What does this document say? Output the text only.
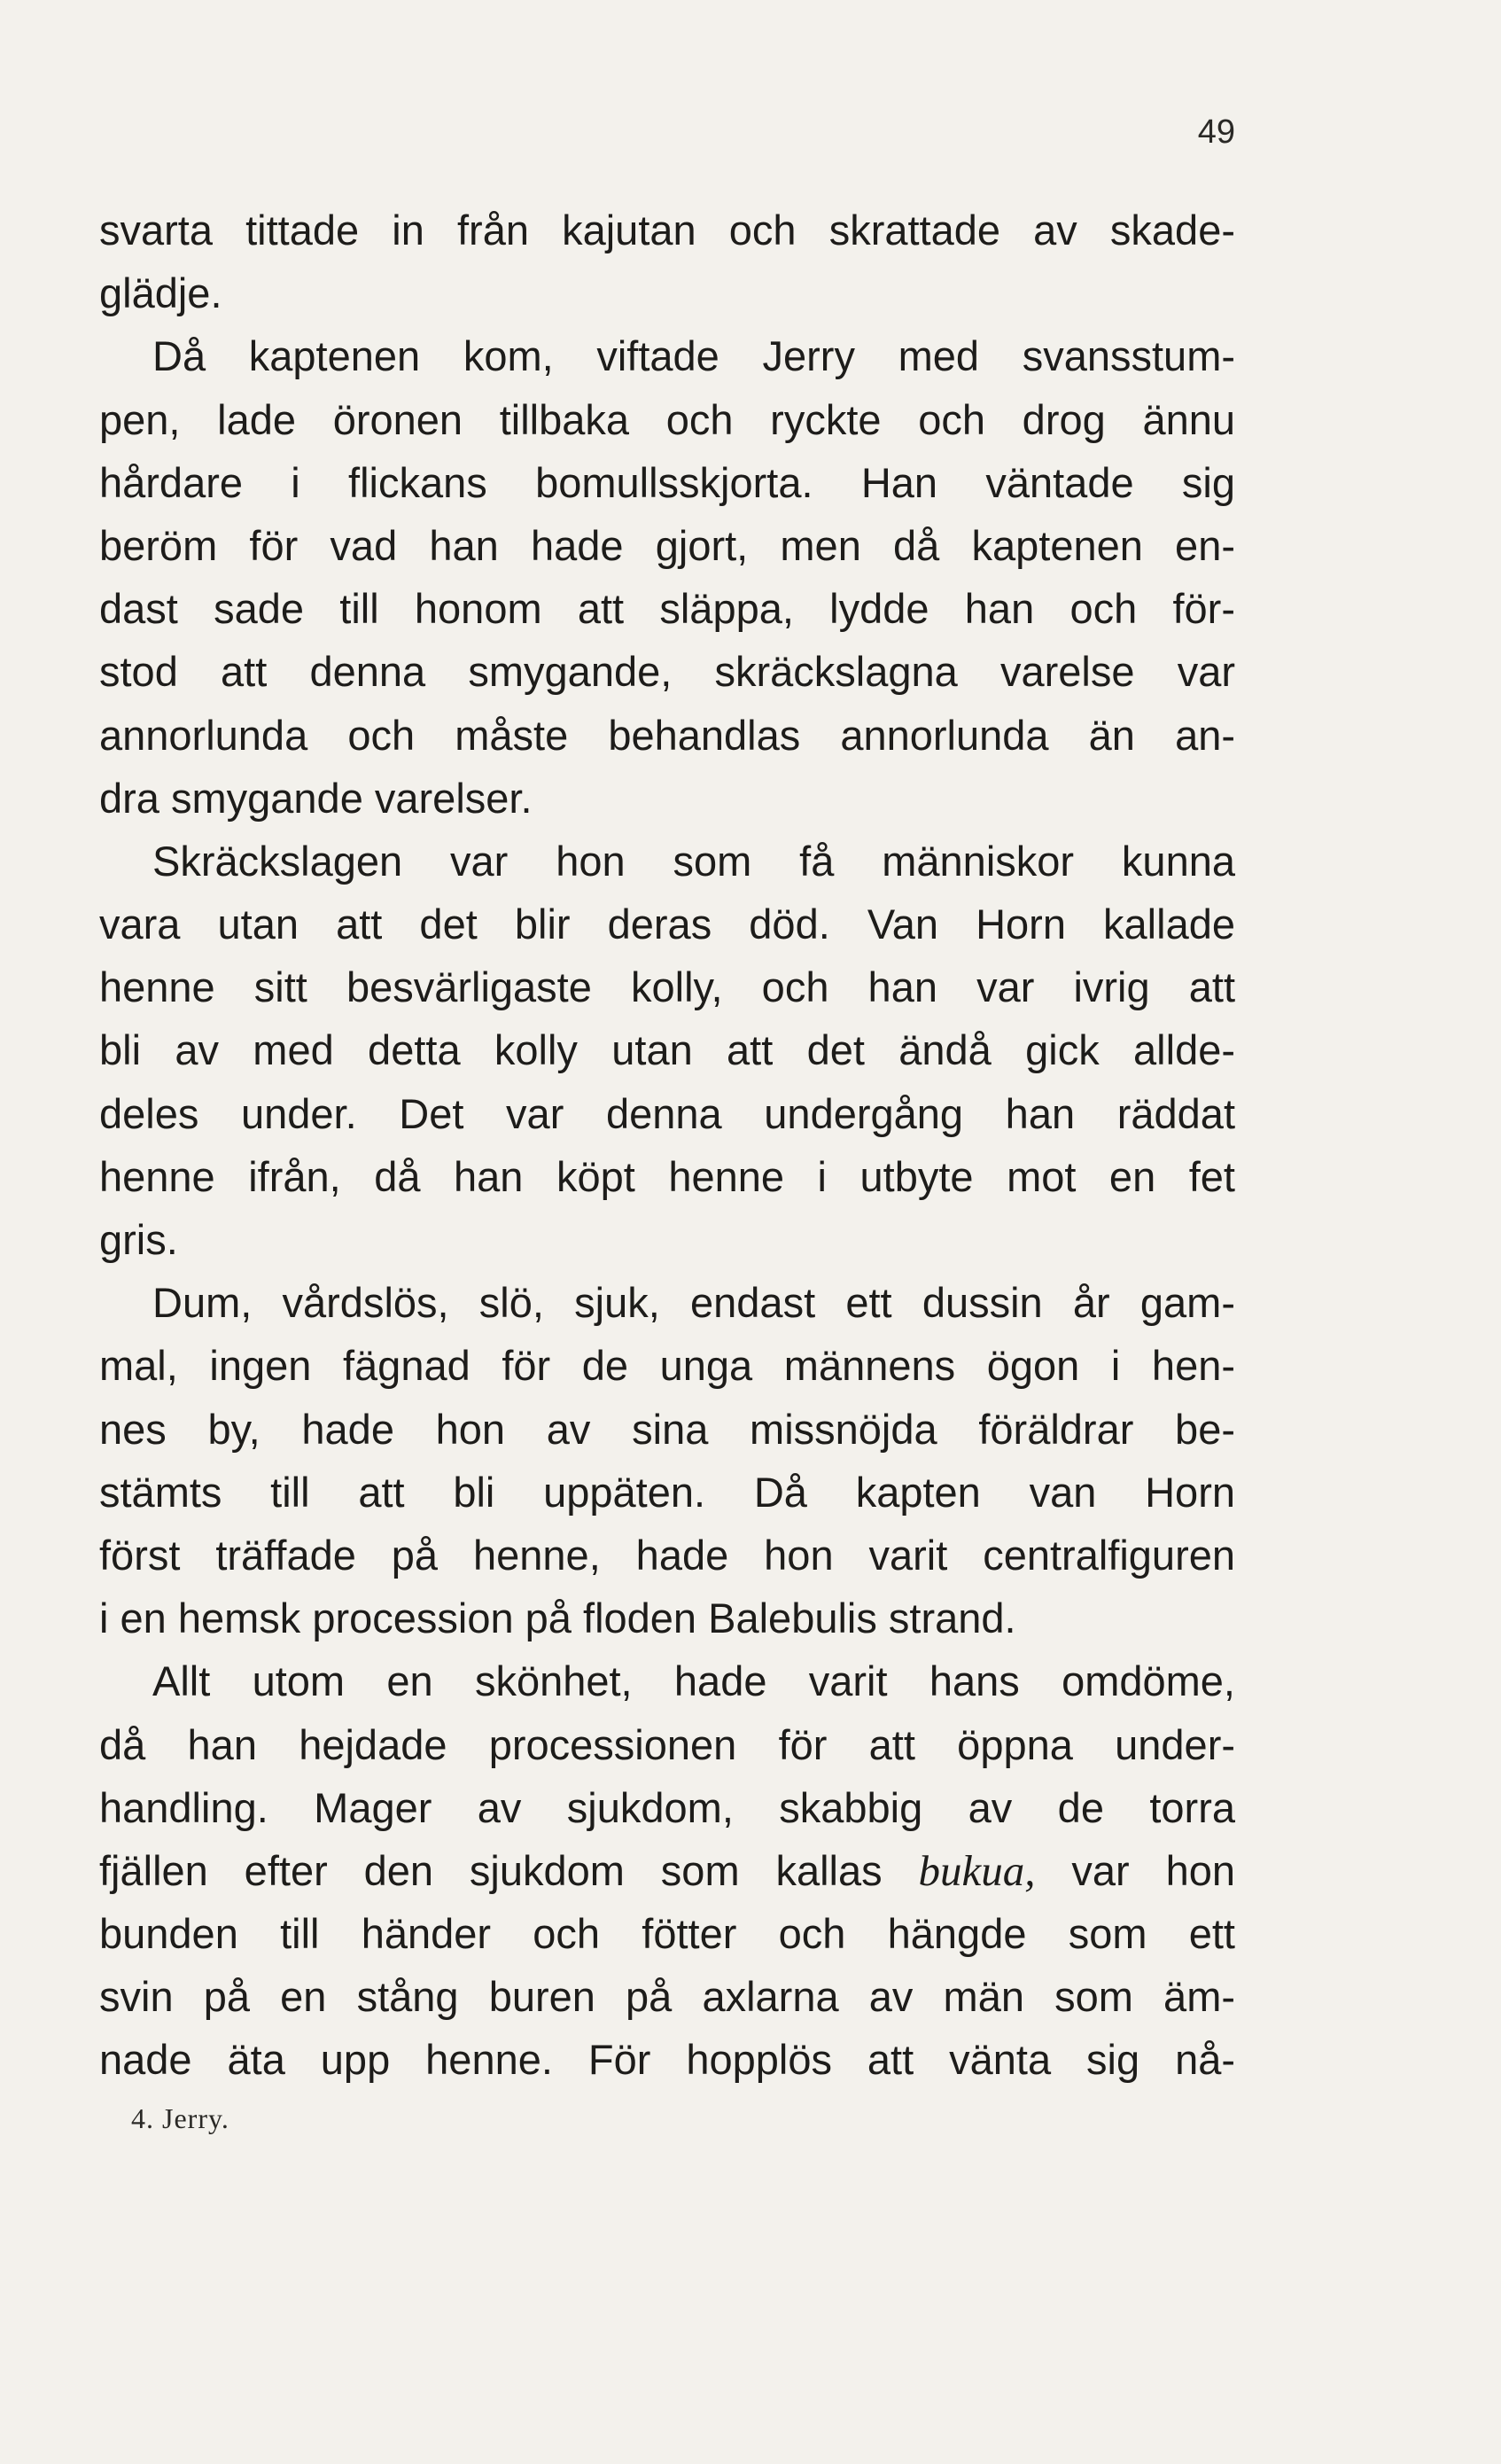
49
svarta tittade in från kajutan och skrattade av skade-
glädje.
Då kaptenen kom, viftade Jerry med svansstum-
pen, lade öronen tillbaka och ryckte och drog ännu
hårdare i flickans bomullsskjorta. Han väntade sig
beröm för vad han hade gjort, men då kaptenen en-
dast sade till honom att släppa, lydde han och för-
stod att denna smygande, skräckslagna varelse var
annorlunda och måste behandlas annorlunda än an-
dra smygande varelser.
Skräckslagen var hon som få människor kunna
vara utan att det blir deras död. Van Horn kallade
henne sitt besvärligaste kolly, och han var ivrig att
bli av med detta kolly utan att det ändå gick allde-
deles under. Det var denna undergång han räddat
henne ifrån, då han köpt henne i utbyte mot en fet
gris.
Dum, vårdslös, slö, sjuk, endast ett dussin år gam-
mal, ingen fägnad för de unga männens ögon i hen-
nes by, hade hon av sina missnöjda föräldrar be-
stämts till att bli uppäten. Då kapten van Horn
först träffade på henne, hade hon varit centralfiguren
i en hemsk procession på floden Balebulis strand.
Allt utom en skönhet, hade varit hans omdöme,
då han hejdade processionen för att öppna under-
handling. Mager av sjukdom, skabbig av de torra
fjällen efter den sjukdom som kallas bukua, var hon
bunden till händer och fötter och hängde som ett
svin på en stång buren på axlarna av män som äm-
nade äta upp henne. För hopplös att vänta sig nå-
4. Jerry.
